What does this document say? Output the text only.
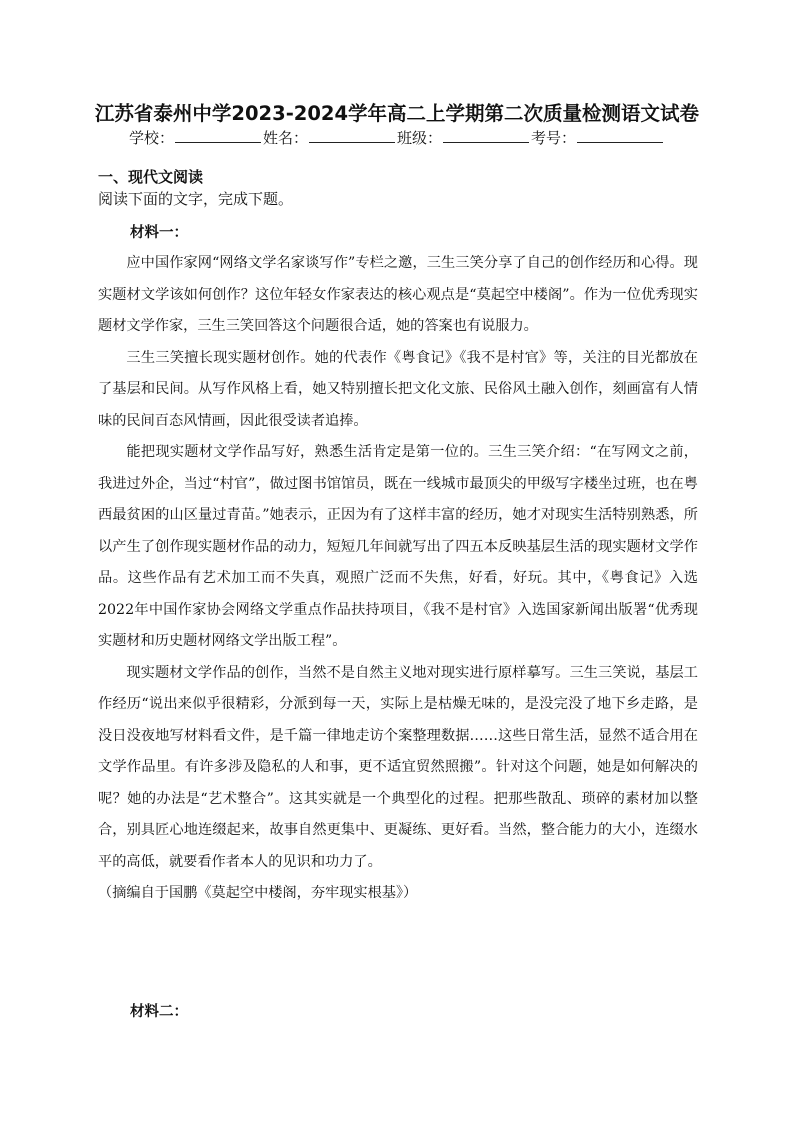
江苏省泰州中学2023-2024学年高二上学期第二次质量检测语文试卷
学校：	姓名：	班级：	考号：
一、现代文阅读
阅读下面的文字，完成下题。
材料一：

应中国作家网“网络文学名家谈写作”专栏之邀，三生三笑分享了自己的创作经历和心得。现实题材文学该如何创作？这位年轻女作家表达的核心观点是“莫起空中楼阁”。作为一位优秀现实题材文学作家，三生三笑回答这个问题很合适，她的答案也有说服力。

三生三笑擅长现实题材创作。她的代表作《粤食记》《我不是村官》等，关注的目光都放在了基层和民间。从写作风格上看，她又特别擅长把文化文旅、民俗风土融入创作，刻画富有人情味的民间百态风情画，因此很受读者追捧。

能把现实题材文学作品写好，熟悉生活肯定是第一位的。三生三笑介绍：“在写网文之前，我进过外企，当过“村官”，做过图书馆馆员，既在一线城市最顶尖的甲级写字楼坐过班，也在粤西最贫困的山区量过青苗。”她表示，正因为有了这样丰富的经历，她才对现实生活特别熟悉，所以产生了创作现实题材作品的动力，短短几年间就写出了四五本反映基层生活的现实题材文学作品。这些作品有艺术加工而不失真，观照广泛而不失焦，好看，好玩。其中，《粤食记》入选2022年中国作家协会网络文学重点作品扶持项目，《我不是村官》入选国家新闻出版署“优秀现实题材和历史题材网络文学出版工程”。

现实题材文学作品的创作，当然不是自然主义地对现实进行原样摹写。三生三笑说，基层工作经历“说出来似乎很精彩，分派到每一天，实际上是枯燥无味的，是没完没了地下乡走路，是没日没夜地写材料看文件，是千篇一律地走访个案整理数据……这些日常生活，显然不适合用在文学作品里。有许多涉及隐私的人和事，更不适宜贸然照搬”。针对这个问题，她是如何解决的呢？她的办法是“艺术整合”。这其实就是一个典型化的过程。把那些散乱、琐碎的素材加以整合，别具匠心地连缀起来，故事自然更集中、更凝练、更好看。当然，整合能力的大小，连缀水平的高低，就要看作者本人的见识和功力了。

（摘编自于国鹏《莫起空中楼阁，夯牢现实根基》）

材料二：
